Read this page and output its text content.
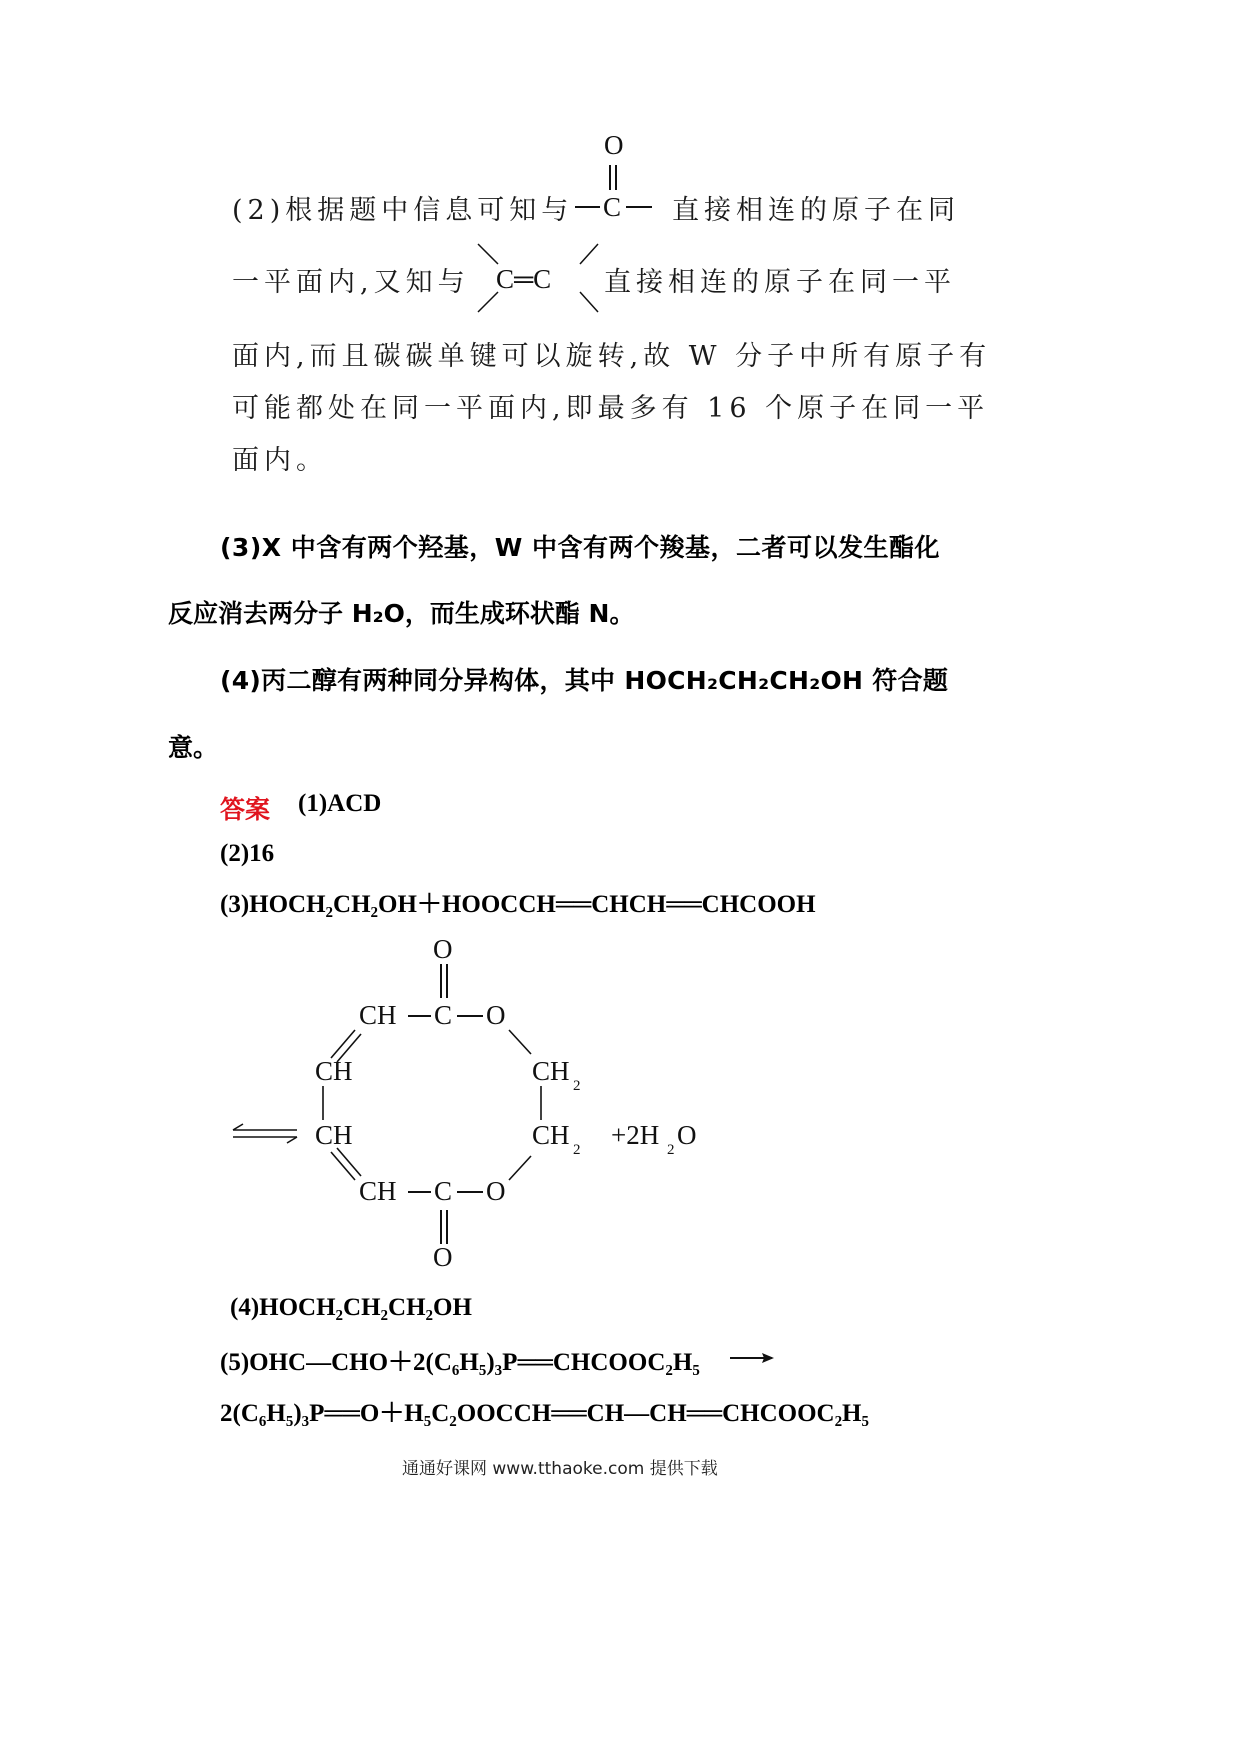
(2)根据题中信息可知与
O
C 直接相连的原子在同
一平面内,又知与 C═C 直接相连的原子在同一平
面内,而且碳碳单键可以旋转,故 W 分子中所有原子有
可能都处在同一平面内,即最多有 16 个原子在同一平
面内。
(3)X 中含有两个羟基，W 中含有两个羧基，二者可以发生酯化
反应消去两分子 H₂O，而生成环状酯 N。
(4)丙二醇有两种同分异构体，其中 HOCH₂CH₂CH₂OH 符合题
意。
答案 (1)ACD
(2)16
(3)HOCH₂CH₂OH＋HOOCCH══CHCH══CHCOOH
O
CH C O
CH	CH 2
CH	CH 2
CH C O
O
+2H 2 O
(4)HOCH₂CH₂CH₂OH
(5)OHC—CHO＋2(C₆H₅)₃P══CHCOOC₂H₅
2(C₆H₅)₃P══O＋H₅C₂OOCCH══CH—CH══CHCOOC₂H₅
通通好课网 www.tthaoke.com 提供下载
